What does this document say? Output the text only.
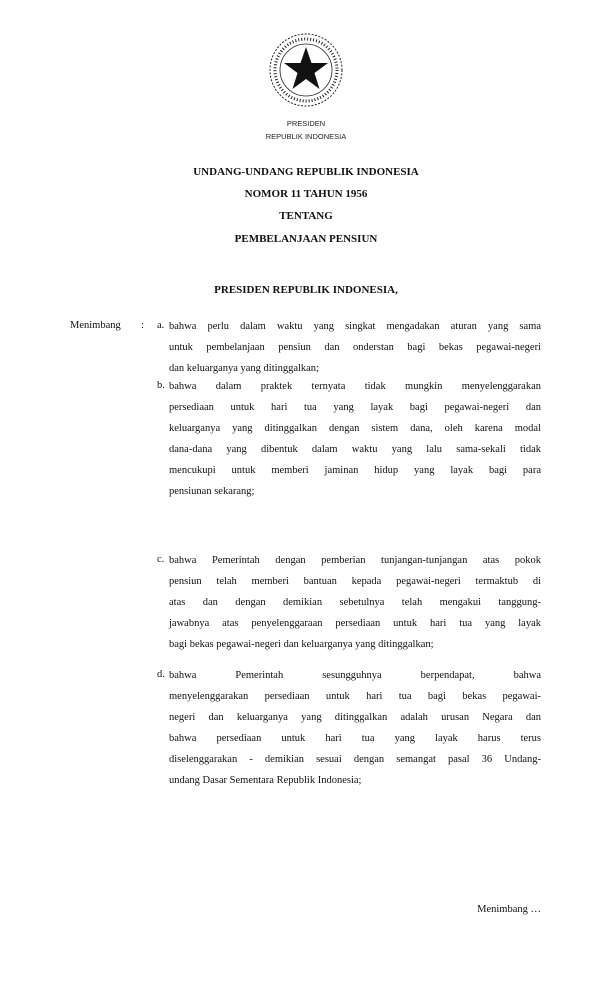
PRESIDEN
REPUBLIK INDONESIA
UNDANG-UNDANG REPUBLIK INDONESIA
NOMOR 11 TAHUN 1956
TENTANG
PEMBELANJAAN PENSIUN
PRESIDEN REPUBLIK INDONESIA,
Menimbang : a. bahwa perlu dalam waktu yang singkat mengadakan aturan yang sama
untuk pembelanjaan pensiun dan onderstan bagi bekas pegawai-negeri
dan keluarganya yang ditinggalkan;
b. bahwa dalam praktek ternyata tidak mungkin menyelenggarakan
persediaan untuk hari tua yang layak bagi pegawai-negeri dan
keluarganya yang ditinggalkan dengan sistem dana, oleh karena modal
dana-dana yang dibentuk dalam waktu yang lalu sama-sekali tidak
mencukupi untuk memberi jaminan hidup yang layak bagi para
pensiunan sekarang;
c. bahwa Pemerintah dengan pemberian tunjangan-tunjangan atas pokok
pensiun telah memberi bantuan kepada pegawai-negeri termaktub di
atas dan dengan demikian sebetulnya telah mengakui tanggung-
jawabnya atas penyelenggaraan persediaan untuk hari tua yang layak
bagi bekas pegawai-negeri dan keluarganya yang ditinggalkan;
d. bahwa Pemerintah sesungguhnya berpendapat, bahwa
menyelenggarakan persediaan untuk hari tua bagi bekas pegawai-
negeri dan keluarganya yang ditinggalkan adalah urusan Negara dan
bahwa persediaan untuk hari tua yang layak harus terus
diselenggarakan - demikian sesuai dengan semangat pasal 36 Undang-
undang Dasar Sementara Republik Indonesia;
Menimbang …
